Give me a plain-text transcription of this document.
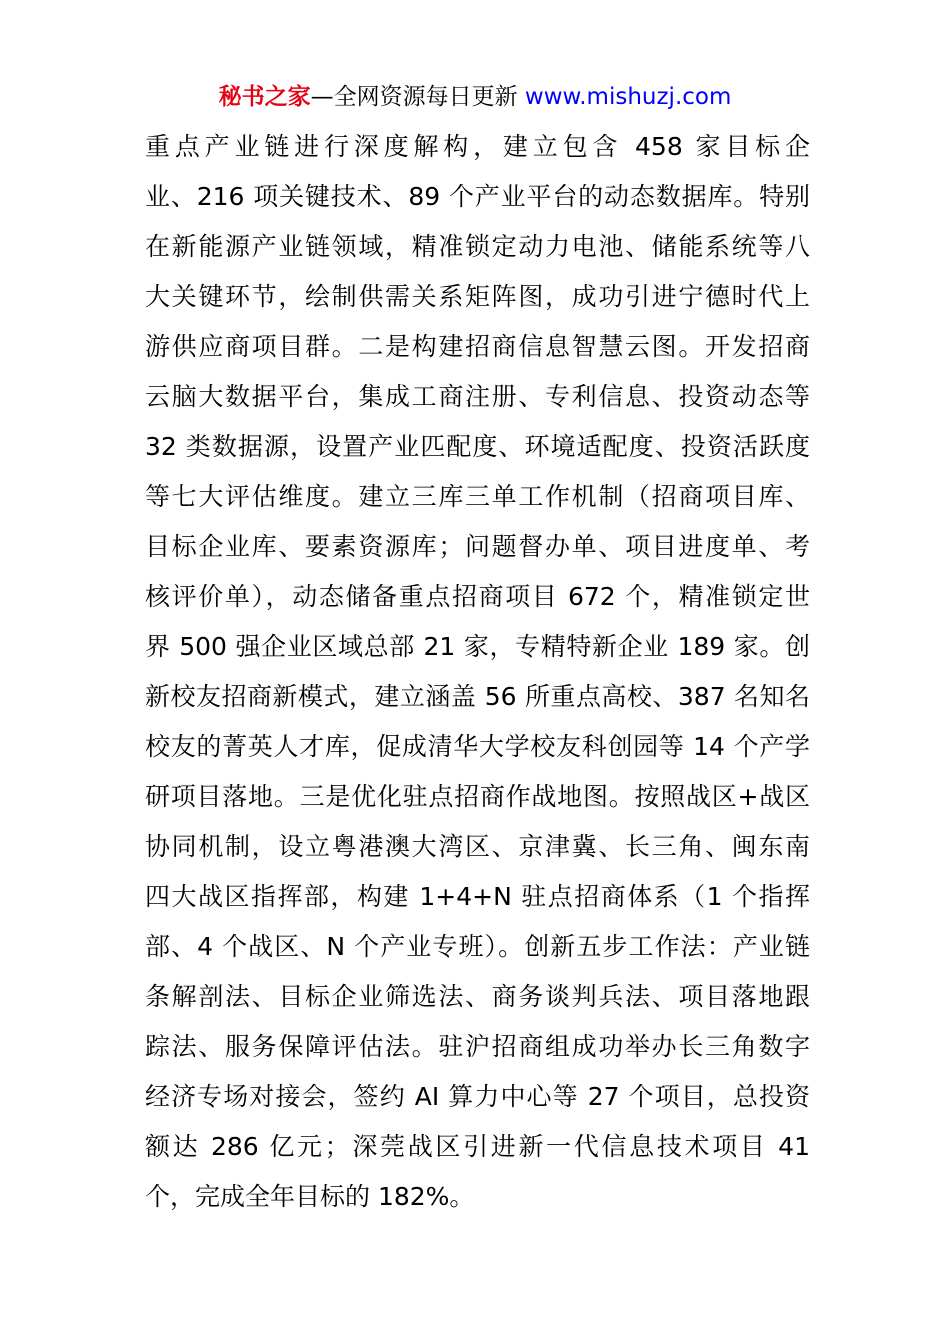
秘书之家—全网资源每日更新 www.mishuzj.com
重点产业链进行深度解构，建立包含 458 家目标企
业、216 项关键技术、89 个产业平台的动态数据库。特别
在新能源产业链领域，精准锁定动力电池、储能系统等八
大关键环节，绘制供需关系矩阵图，成功引进宁德时代上
游供应商项目群。二是构建招商信息智慧云图。开发招商
云脑大数据平台，集成工商注册、专利信息、投资动态等
32 类数据源，设置产业匹配度、环境适配度、投资活跃度
等七大评估维度。建立三库三单工作机制（招商项目库、
目标企业库、要素资源库；问题督办单、项目进度单、考
核评价单），动态储备重点招商项目 672 个，精准锁定世
界 500 强企业区域总部 21 家，专精特新企业 189 家。创
新校友招商新模式，建立涵盖 56 所重点高校、387 名知名
校友的菁英人才库，促成清华大学校友科创园等 14 个产学
研项目落地。三是优化驻点招商作战地图。按照战区+战区
协同机制，设立粤港澳大湾区、京津冀、长三角、闽东南
四大战区指挥部，构建 1+4+N 驻点招商体系（1 个指挥
部、4 个战区、N 个产业专班）。创新五步工作法：产业链
条解剖法、目标企业筛选法、商务谈判兵法、项目落地跟
踪法、服务保障评估法。驻沪招商组成功举办长三角数字
经济专场对接会，签约 AI 算力中心等 27 个项目，总投资
额达 286 亿元；深莞战区引进新一代信息技术项目 41
个，完成全年目标的 182%。
